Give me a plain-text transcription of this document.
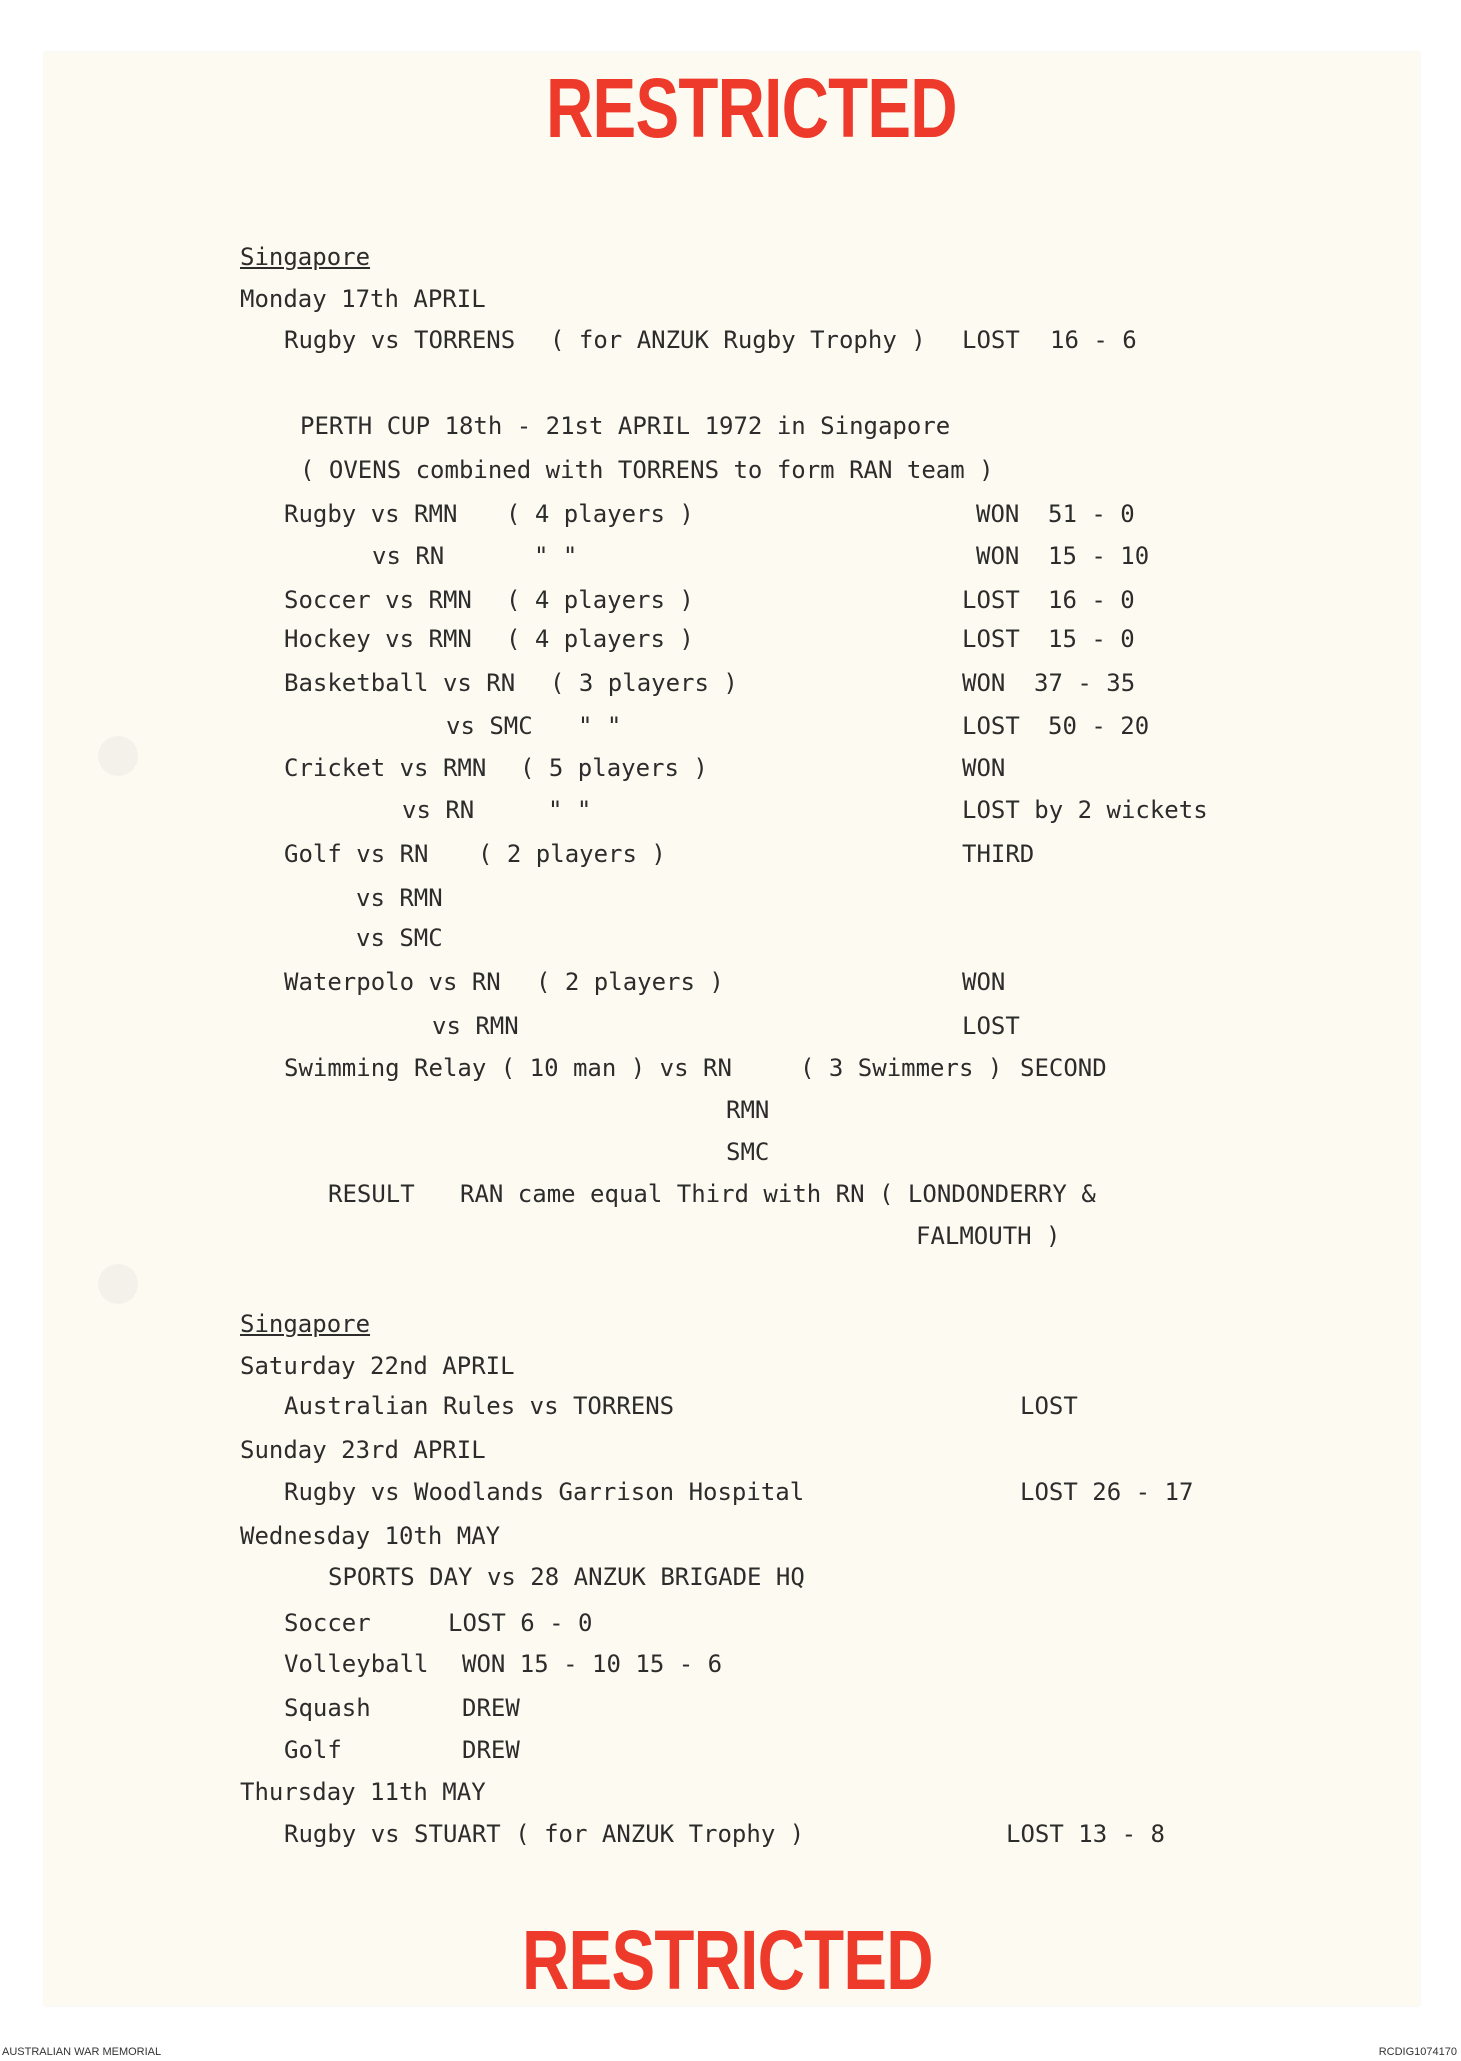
RESTRICTED
Singapore
Monday 17th APRIL
Rugby vs TORRENS ( for ANZUK Rugby Trophy ) LOST 16 - 6
PERTH CUP 18th - 21st APRIL 1972 in Singapore
( OVENS combined with TORRENS to form RAN team )
Rugby vs RMN ( 4 players )	WON 51 - 0
vs RN	" "	WON 15 - 10
Soccer vs RMN ( 4 players )	LOST 16 - 0
Hockey vs RMN ( 4 players )	LOST 15 - 0
Basketball vs RN ( 3 players )	WON 37 - 35
vs SMC " "	LOST 50 - 20
Cricket vs RMN ( 5 players )	WON
vs RN	" "	LOST by 2 wickets
Golf vs RN ( 2 players )	THIRD
vs RMN
vs SMC
Waterpolo vs RN ( 2 players )	WON
vs RMN	LOST
Swimming Relay ( 10 man ) vs RN	( 3 Swimmers ) SECOND
RMN
SMC
RESULT RAN came equal Third with RN ( LONDONDERRY &
FALMOUTH )
Singapore
Saturday 22nd APRIL
Australian Rules vs TORRENS	LOST
Sunday 23rd APRIL
Rugby vs Woodlands Garrison Hospital	LOST 26 - 17
Wednesday 10th MAY
SPORTS DAY vs 28 ANZUK BRIGADE HQ
Soccer	LOST 6 - 0
Volleyball WON 15 - 10 15 - 6
Squash	DREW
Golf	DREW
Thursday 11th MAY
Rugby vs STUART ( for ANZUK Trophy )	LOST 13 - 8
RESTRICTED
AUSTRALIAN WAR MEMORIAL	RCDIG1074170
